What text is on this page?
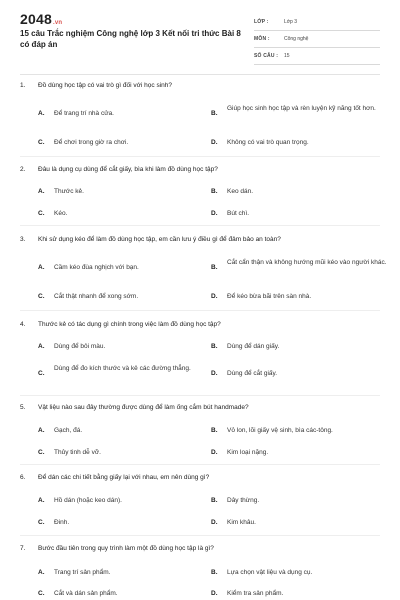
2048.vn
15 câu Trắc nghiệm Công nghệ lớp 3 Kết nối tri thức Bài 8 có đáp án
LỚP :	Lớp 3
MÔN :	Công nghệ
SỐ CÂU : 15
1. Đồ dùng học tập có vai trò gì đối với học sinh?
A. Để trang trí nhà cửa.	B.
Giúp học sinh học tập và rèn luyện kỹ năng tốt hơn.
C. Để chơi trong giờ ra chơi.	D. Không có vai trò quan trọng.
2. Đâu là dụng cụ dùng để cắt giấy, bìa khi làm đồ dùng học tập?
A. Thước kẻ.	B. Keo dán.
C. Kéo.	D. Bút chì.
3. Khi sử dụng kéo để làm đồ dùng học tập, em cần lưu ý điều gì để đảm bảo an toàn?
A. Cầm kéo đùa nghịch với bạn.	B.
Cắt cẩn thận và không hướng mũi kéo vào người khác.
C. Cắt thật nhanh để xong sớm.	D. Để kéo bừa bãi trên sàn nhà.
4. Thước kẻ có tác dụng gì chính trong việc làm đồ dùng học tập?
A. Dùng để bôi màu.	B. Dùng để dán giấy.
C.
Dùng để đo kích thước và kẻ các đường thẳng.
D. Dùng để cắt giấy.
5. Vật liệu nào sau đây thường được dùng để làm ống cắm bút handmade?
A. Gạch, đá.	B. Vỏ lon, lõi giấy vệ sinh, bìa các-tông.
C. Thủy tinh dễ vỡ.	D. Kim loại nặng.
6. Để dán các chi tiết bằng giấy lại với nhau, em nên dùng gì?
A. Hồ dán (hoặc keo dán).	B. Dây thừng.
C. Đinh.	D. Kim khâu.
7. Bước đầu tiên trong quy trình làm một đồ dùng học tập là gì?
A. Trang trí sản phẩm.	B. Lựa chọn vật liệu và dụng cụ.
C. Cắt và dán sản phẩm.	D. Kiểm tra sản phẩm.
